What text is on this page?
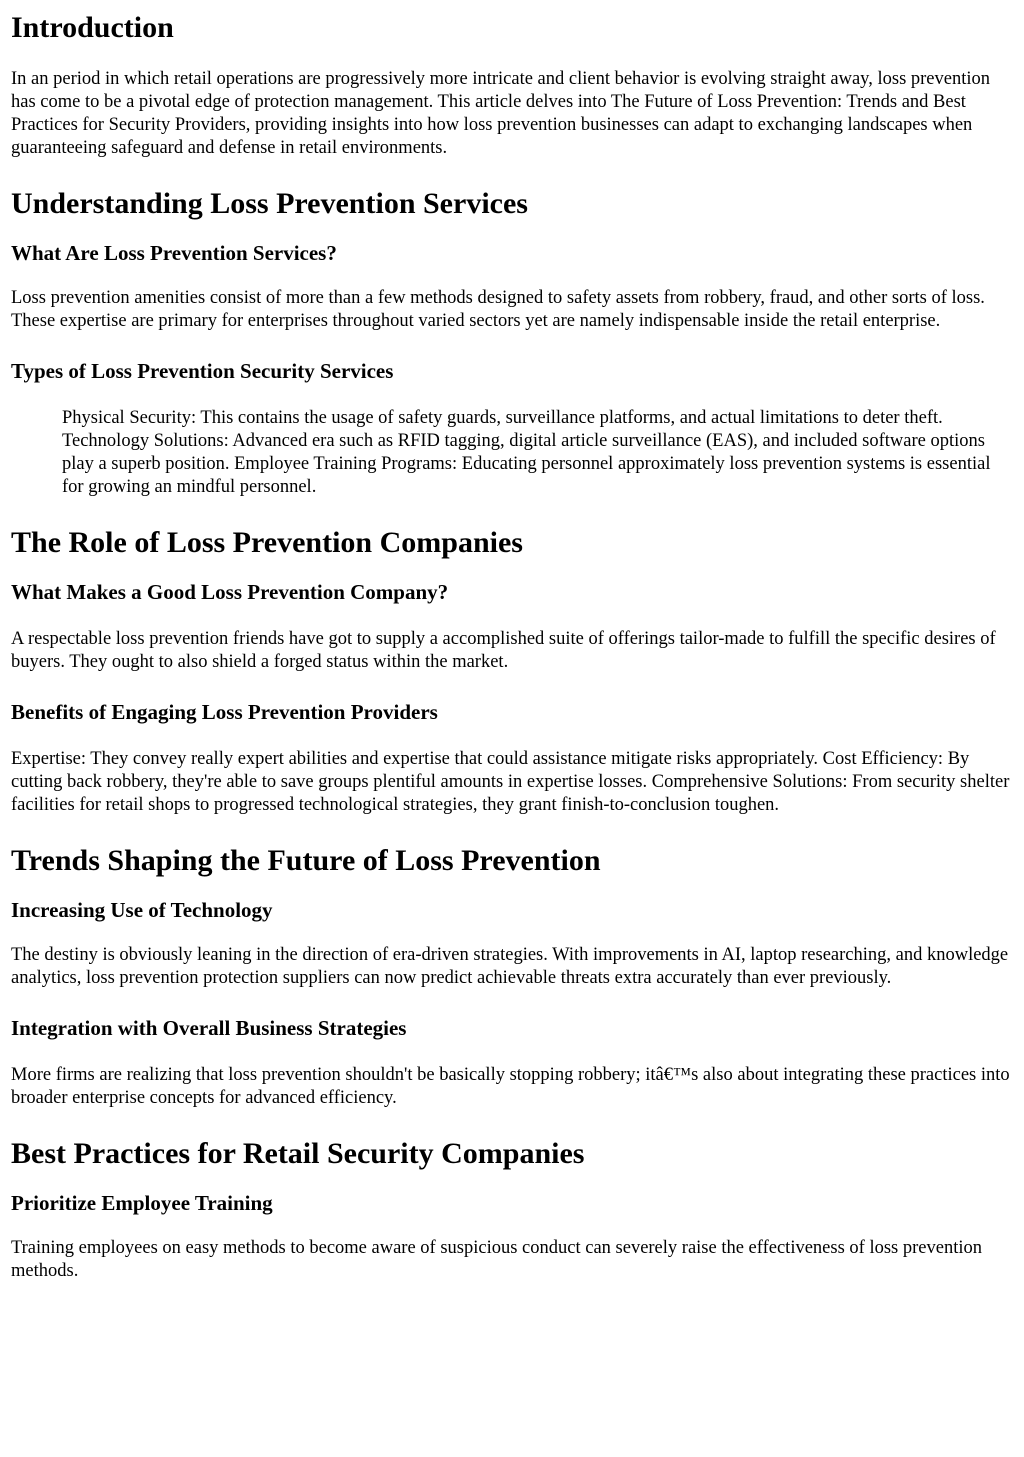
Introduction

In an period in which retail operations are progressively more intricate and client behavior is evolving straight away, loss prevention has come to be a pivotal edge of protection management. This article delves into The Future of Loss Prevention: Trends and Best Practices for Security Providers, providing insights into how loss prevention businesses can adapt to exchanging landscapes when guaranteeing safeguard and defense in retail environments.

Understanding Loss Prevention Services
What Are Loss Prevention Services?

Loss prevention amenities consist of more than a few methods designed to safety assets from robbery, fraud, and other sorts of loss. These expertise are primary for enterprises throughout varied sectors yet are namely indispensable inside the retail enterprise.

Types of Loss Prevention Security Services
Physical Security: This contains the usage of safety guards, surveillance platforms, and actual limitations to deter theft. Technology Solutions: Advanced era such as RFID tagging, digital article surveillance (EAS), and included software options play a superb position. Employee Training Programs: Educating personnel approximately loss prevention systems is essential for growing an mindful personnel.
The Role of Loss Prevention Companies
What Makes a Good Loss Prevention Company?

A respectable loss prevention friends have got to supply a accomplished suite of offerings tailor-made to fulfill the specific desires of buyers. They ought to also shield a forged status within the market.

Benefits of Engaging Loss Prevention Providers

Expertise: They convey really expert abilities and expertise that could assistance mitigate risks appropriately. Cost Efficiency: By cutting back robbery, they're able to save groups plentiful amounts in expertise losses. Comprehensive Solutions: From security shelter facilities for retail shops to progressed technological strategies, they grant finish-to-conclusion toughen.

Trends Shaping the Future of Loss Prevention
Increasing Use of Technology

The destiny is obviously leaning in the direction of era-driven strategies. With improvements in AI, laptop researching, and knowledge analytics, loss prevention protection suppliers can now predict achievable threats extra accurately than ever previously.

Integration with Overall Business Strategies

More firms are realizing that loss prevention shouldn't be basically stopping robbery; itâ€™s also about integrating these practices into broader enterprise concepts for advanced efficiency.

Best Practices for Retail Security Companies
Prioritize Employee Training

Training employees on easy methods to become aware of suspicious conduct can severely raise the effectiveness of loss prevention methods.
